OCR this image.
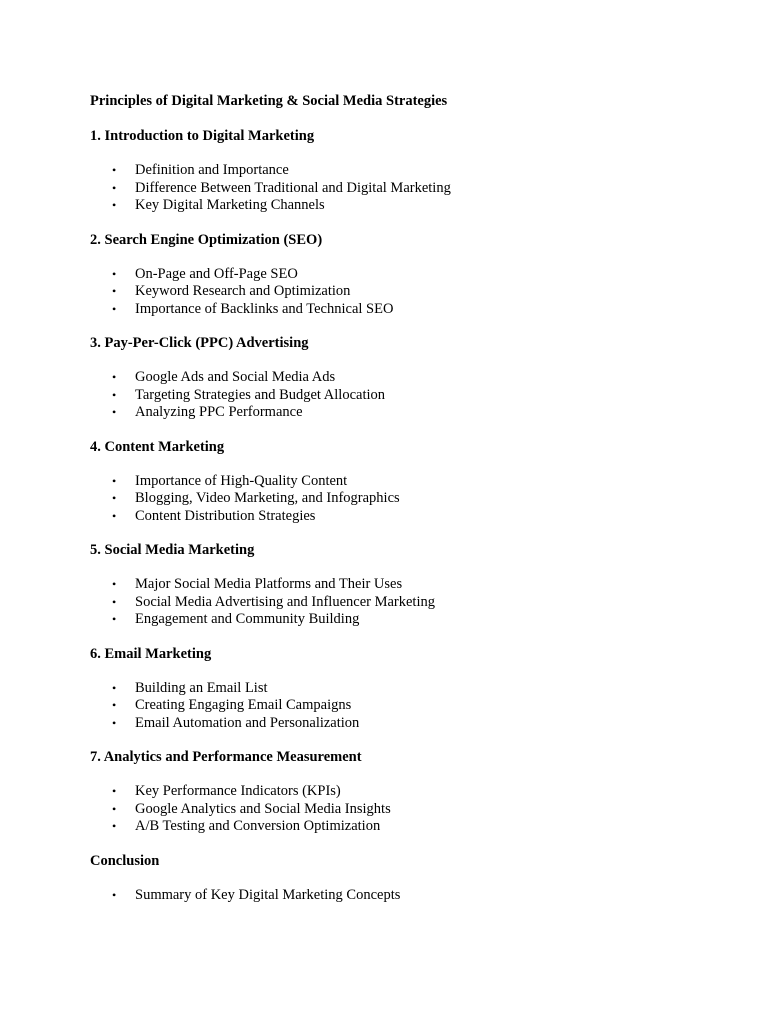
Principles of Digital Marketing & Social Media Strategies
1. Introduction to Digital Marketing
• Definition and Importance
• Difference Between Traditional and Digital Marketing
• Key Digital Marketing Channels
2. Search Engine Optimization (SEO)
• On-Page and Off-Page SEO
• Keyword Research and Optimization
• Importance of Backlinks and Technical SEO
3. Pay-Per-Click (PPC) Advertising
• Google Ads and Social Media Ads
• Targeting Strategies and Budget Allocation
• Analyzing PPC Performance
4. Content Marketing
• Importance of High-Quality Content
• Blogging, Video Marketing, and Infographics
• Content Distribution Strategies
5. Social Media Marketing
• Major Social Media Platforms and Their Uses
• Social Media Advertising and Influencer Marketing
• Engagement and Community Building
6. Email Marketing
• Building an Email List
• Creating Engaging Email Campaigns
• Email Automation and Personalization
7. Analytics and Performance Measurement
• Key Performance Indicators (KPIs)
• Google Analytics and Social Media Insights
• A/B Testing and Conversion Optimization
Conclusion
• Summary of Key Digital Marketing Concepts
